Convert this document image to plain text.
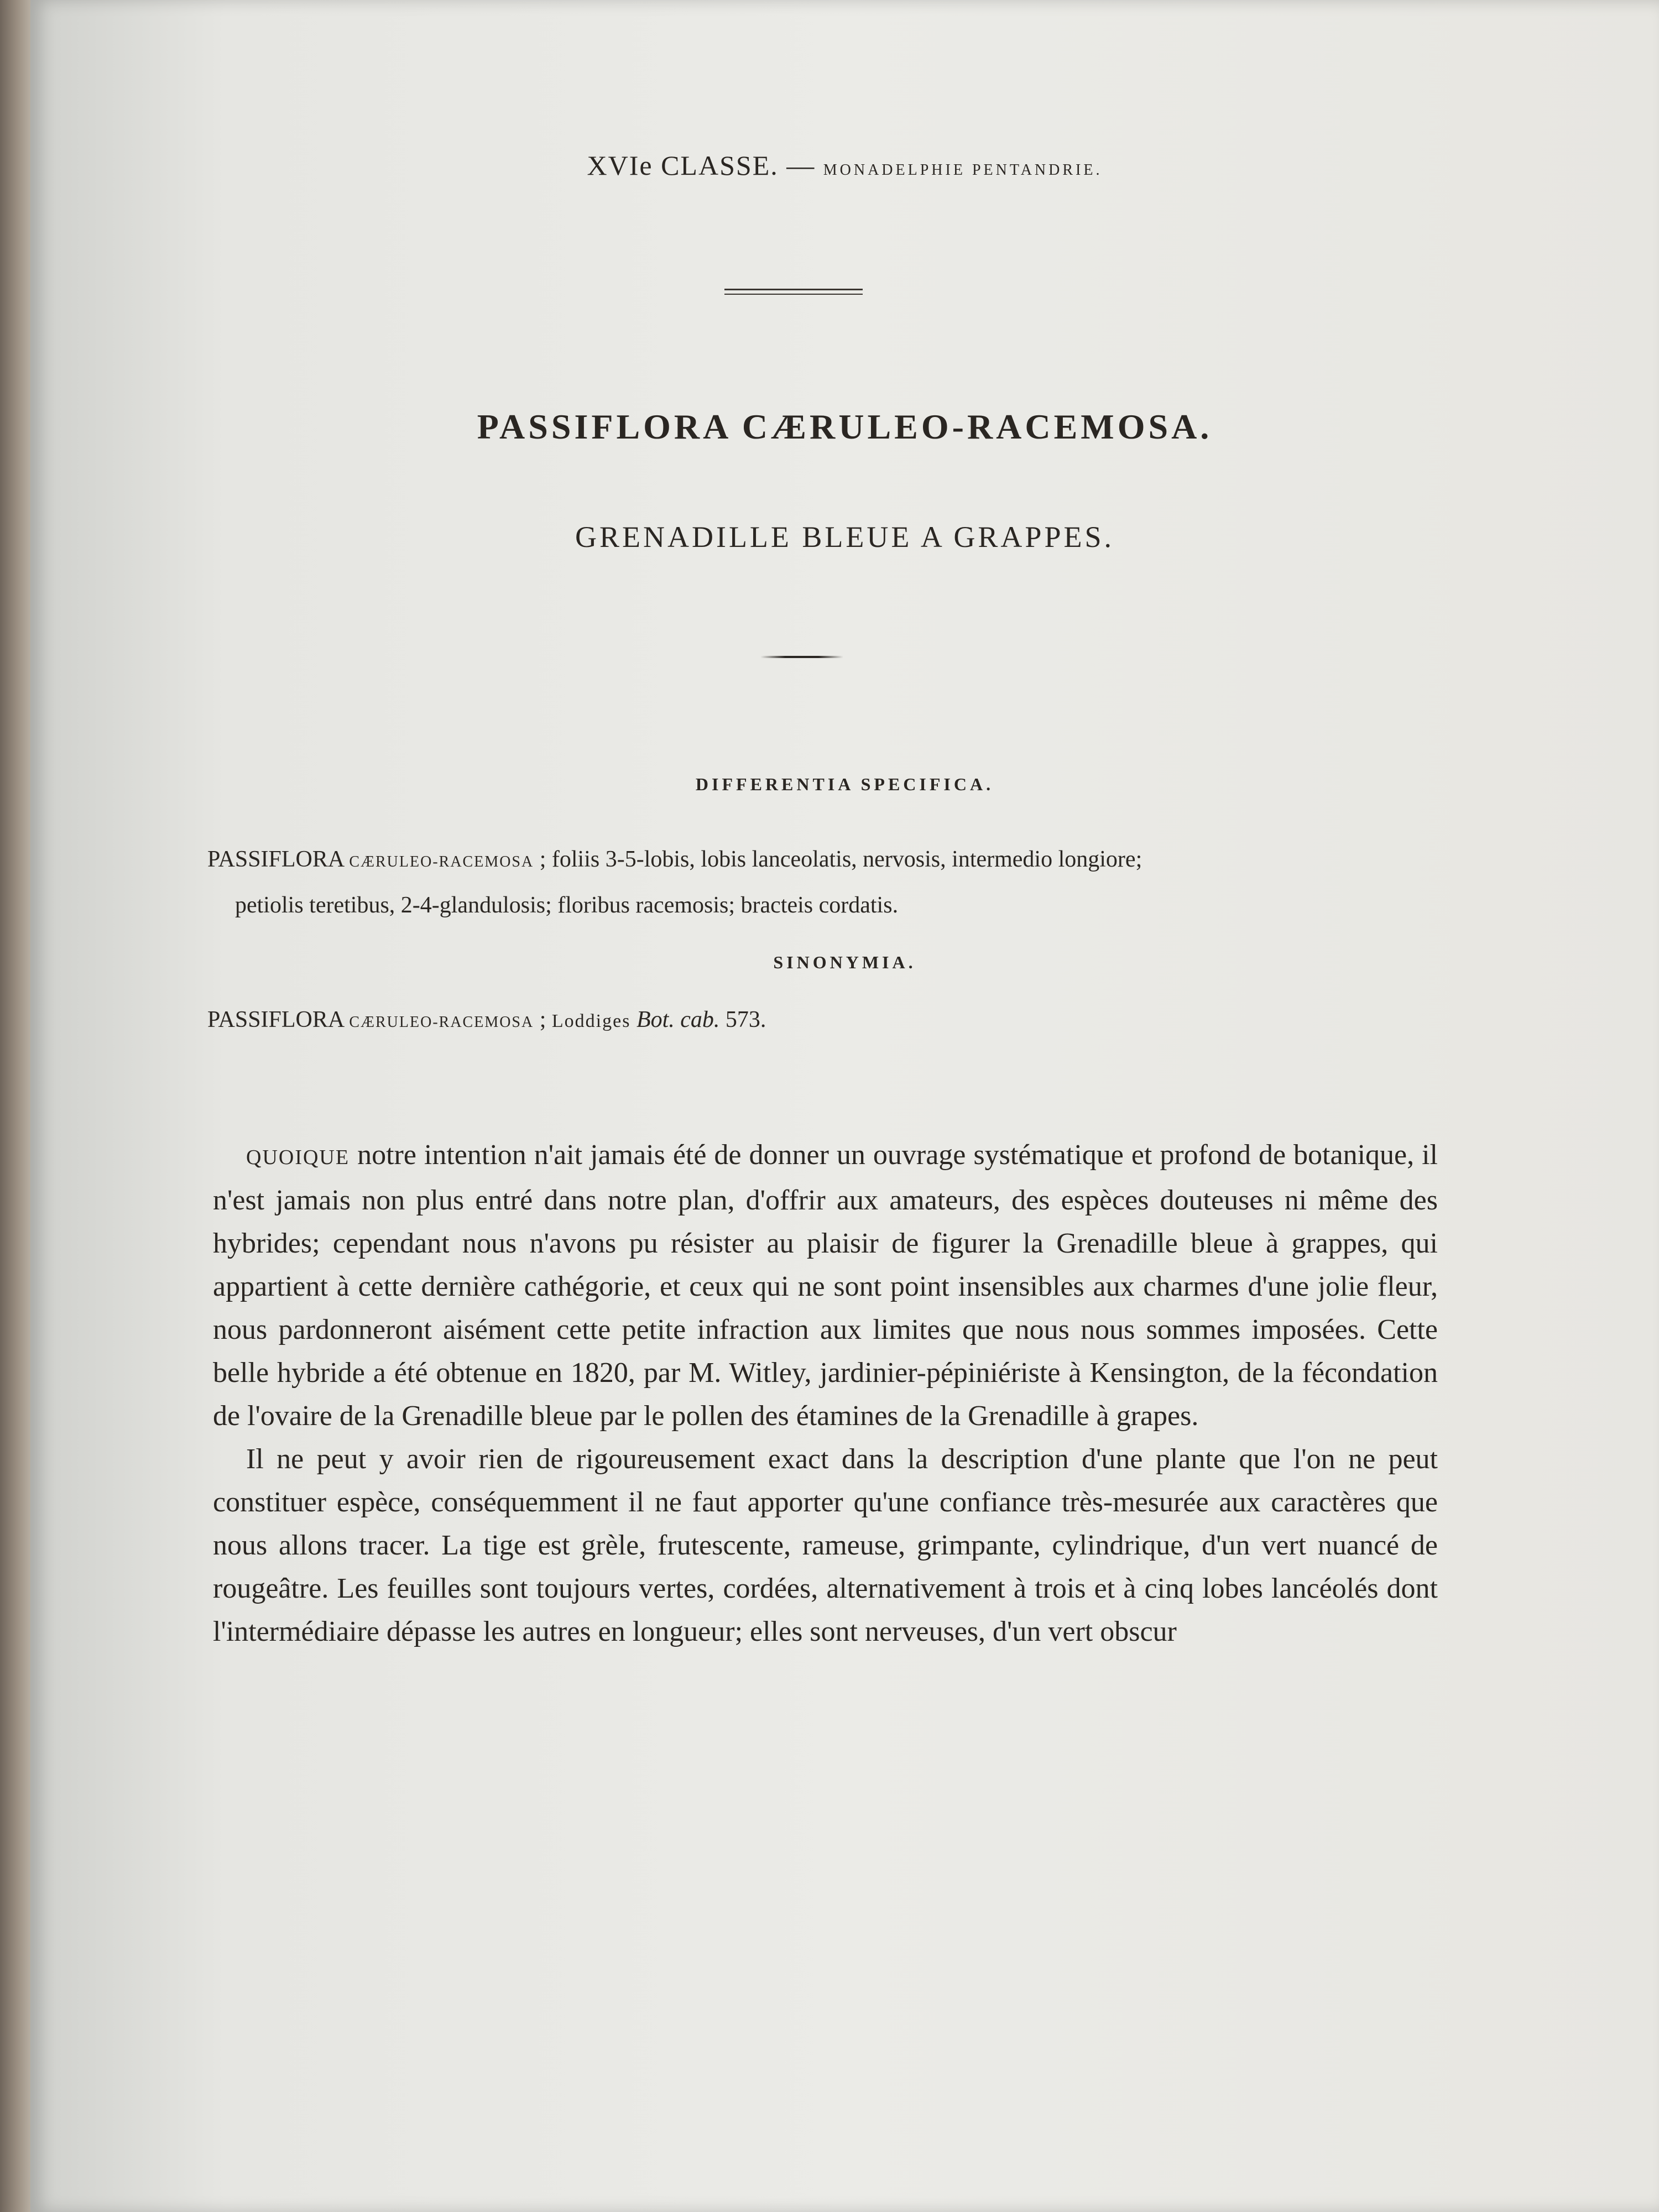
XVIe CLASSE. — MONADELPHIE PENTANDRIE.
PASSIFLORA CÆRULEO-RACEMOSA.
GRENADILLE BLEUE A GRAPPES.
DIFFERENTIA SPECIFICA.
PASSIFLORA CÆRULEO-RACEMOSA ; foliis 3-5-lobis, lobis lanceolatis, nervosis, intermedio longiore;
petiolis teretibus, 2-4-glandulosis; floribus racemosis; bracteis cordatis.
SINONYMIA.
PASSIFLORA CÆRULEO-RACEMOSA ; Loddiges Bot. cab. 573.

QUOIQUE notre intention n'ait jamais été de donner un ouvrage systématique et profond de botanique, il n'est jamais non plus entré dans notre plan, d'offrir aux amateurs, des espèces douteuses ni même des hybrides; cependant nous n'avons pu résister au plaisir de figurer la Grenadille bleue à grappes, qui appartient à cette dernière cathégorie, et ceux qui ne sont point insensibles aux charmes d'une jolie fleur, nous pardonneront aisément cette petite infraction aux limites que nous nous sommes imposées. Cette belle hybride a été obtenue en 1820, par M. Witley, jardinier-pépiniériste à Kensington, de la fécondation de l'ovaire de la Grenadille bleue par le pollen des étamines de la Grenadille à grapes.

Il ne peut y avoir rien de rigoureusement exact dans la description d'une plante que l'on ne peut constituer espèce, conséquemment il ne faut apporter qu'une confiance très-mesurée aux caractères que nous allons tracer. La tige est grèle, frutescente, rameuse, grimpante, cylindrique, d'un vert nuancé de rougeâtre. Les feuilles sont toujours vertes, cordées, alternativement à trois et à cinq lobes lancéolés dont l'intermédiaire dépasse les autres en longueur; elles sont nerveuses, d'un vert obscur
